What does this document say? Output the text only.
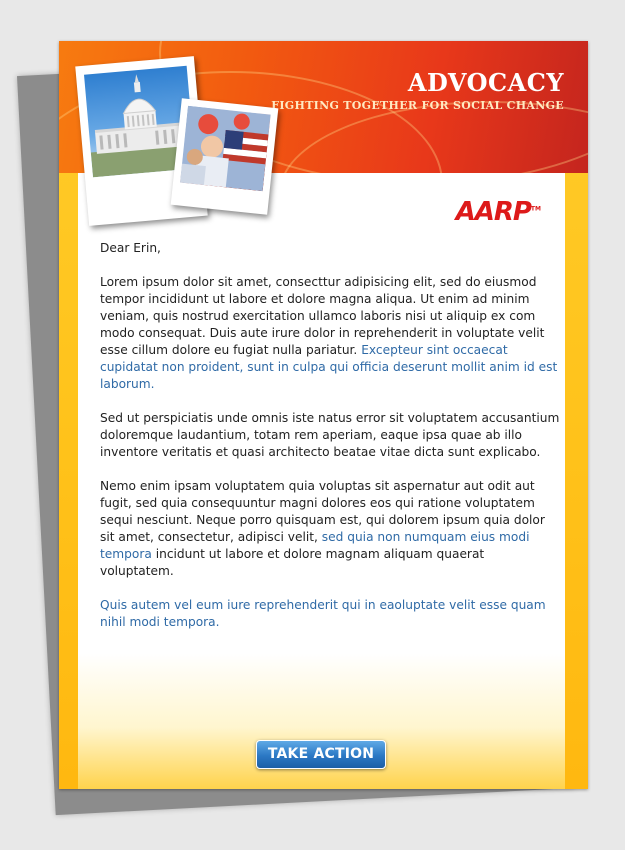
ADVOCACY
FIGHTING TOGETHER FOR SOCIAL CHANGE
AARP™

Dear Erin,

Lorem ipsum dolor sit amet, consecttur adipisicing elit, sed do eiusmod tempor incididunt ut labore et dolore magna aliqua. Ut enim ad minim veniam, quis nostrud exercitation ullamco laboris nisi ut aliquip ex com modo consequat. Duis aute irure dolor in reprehenderit in voluptate velit esse cillum dolore eu fugiat nulla pariatur. Excepteur sint occaecat cupidatat non proident, sunt in culpa qui officia deserunt mollit anim id est laborum.

Sed ut perspiciatis unde omnis iste natus error sit voluptatem accusantium doloremque laudantium, totam rem aperiam, eaque ipsa quae ab illo inventore veritatis et quasi architecto beatae vitae dicta sunt explicabo.

Nemo enim ipsam voluptatem quia voluptas sit aspernatur aut odit aut fugit, sed quia consequuntur magni dolores eos qui ratione voluptatem sequi nesciunt. Neque porro quisquam est, qui dolorem ipsum quia dolor sit amet, consectetur, adipisci velit, sed quia non numquam eius modi tempora incidunt ut labore et dolore magnam aliquam quaerat voluptatem.

Quis autem vel eum iure reprehenderit qui in eaoluptate velit esse quam nihil modi tempora.

TAKE ACTION
